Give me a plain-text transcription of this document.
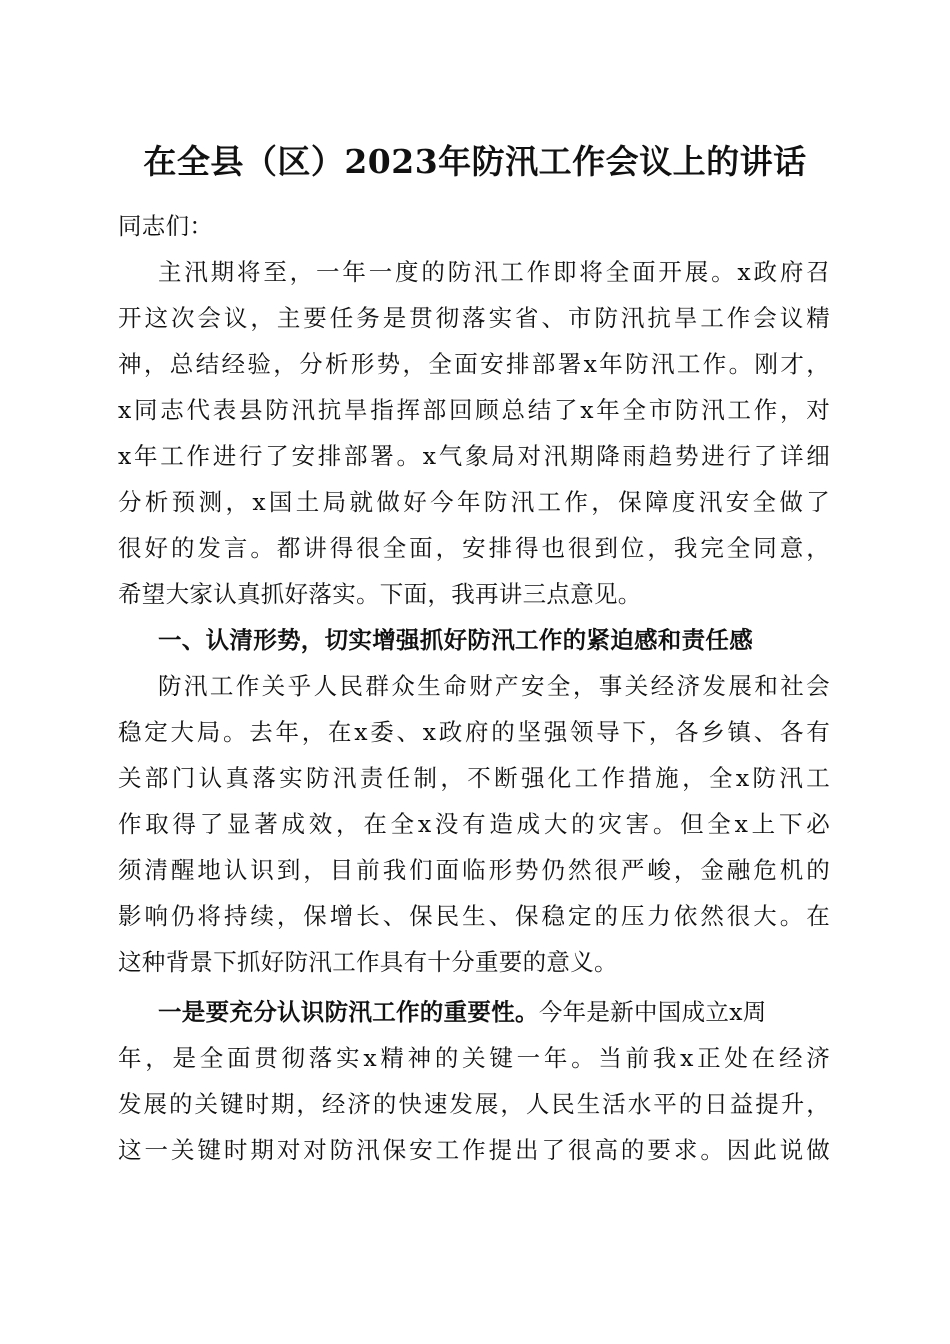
在全县（区）2023年防汛工作会议上的讲话
同志们：
主汛期将至，一年一度的防汛工作即将全面开展。x政府召
开这次会议，主要任务是贯彻落实省、市防汛抗旱工作会议精
神，总结经验，分析形势，全面安排部署x年防汛工作。刚才，
x同志代表县防汛抗旱指挥部回顾总结了x年全市防汛工作，对
x年工作进行了安排部署。x气象局对汛期降雨趋势进行了详细
分析预测，x国土局就做好今年防汛工作，保障度汛安全做了
很好的发言。都讲得很全面，安排得也很到位，我完全同意，
希望大家认真抓好落实。下面，我再讲三点意见。
一、认清形势，切实增强抓好防汛工作的紧迫感和责任感
防汛工作关乎人民群众生命财产安全，事关经济发展和社会
稳定大局。去年，在x委、x政府的坚强领导下，各乡镇、各有
关部门认真落实防汛责任制，不断强化工作措施，全x防汛工
作取得了显著成效，在全x没有造成大的灾害。但全x上下必
须清醒地认识到，目前我们面临形势仍然很严峻，金融危机的
影响仍将持续，保增长、保民生、保稳定的压力依然很大。在
这种背景下抓好防汛工作具有十分重要的意义。
一是要充分认识防汛工作的重要性。今年是新中国成立x周
年，是全面贯彻落实x精神的关键一年。当前我x正处在经济
发展的关键时期，经济的快速发展，人民生活水平的日益提升，
这一关键时期对对防汛保安工作提出了很高的要求。因此说做
